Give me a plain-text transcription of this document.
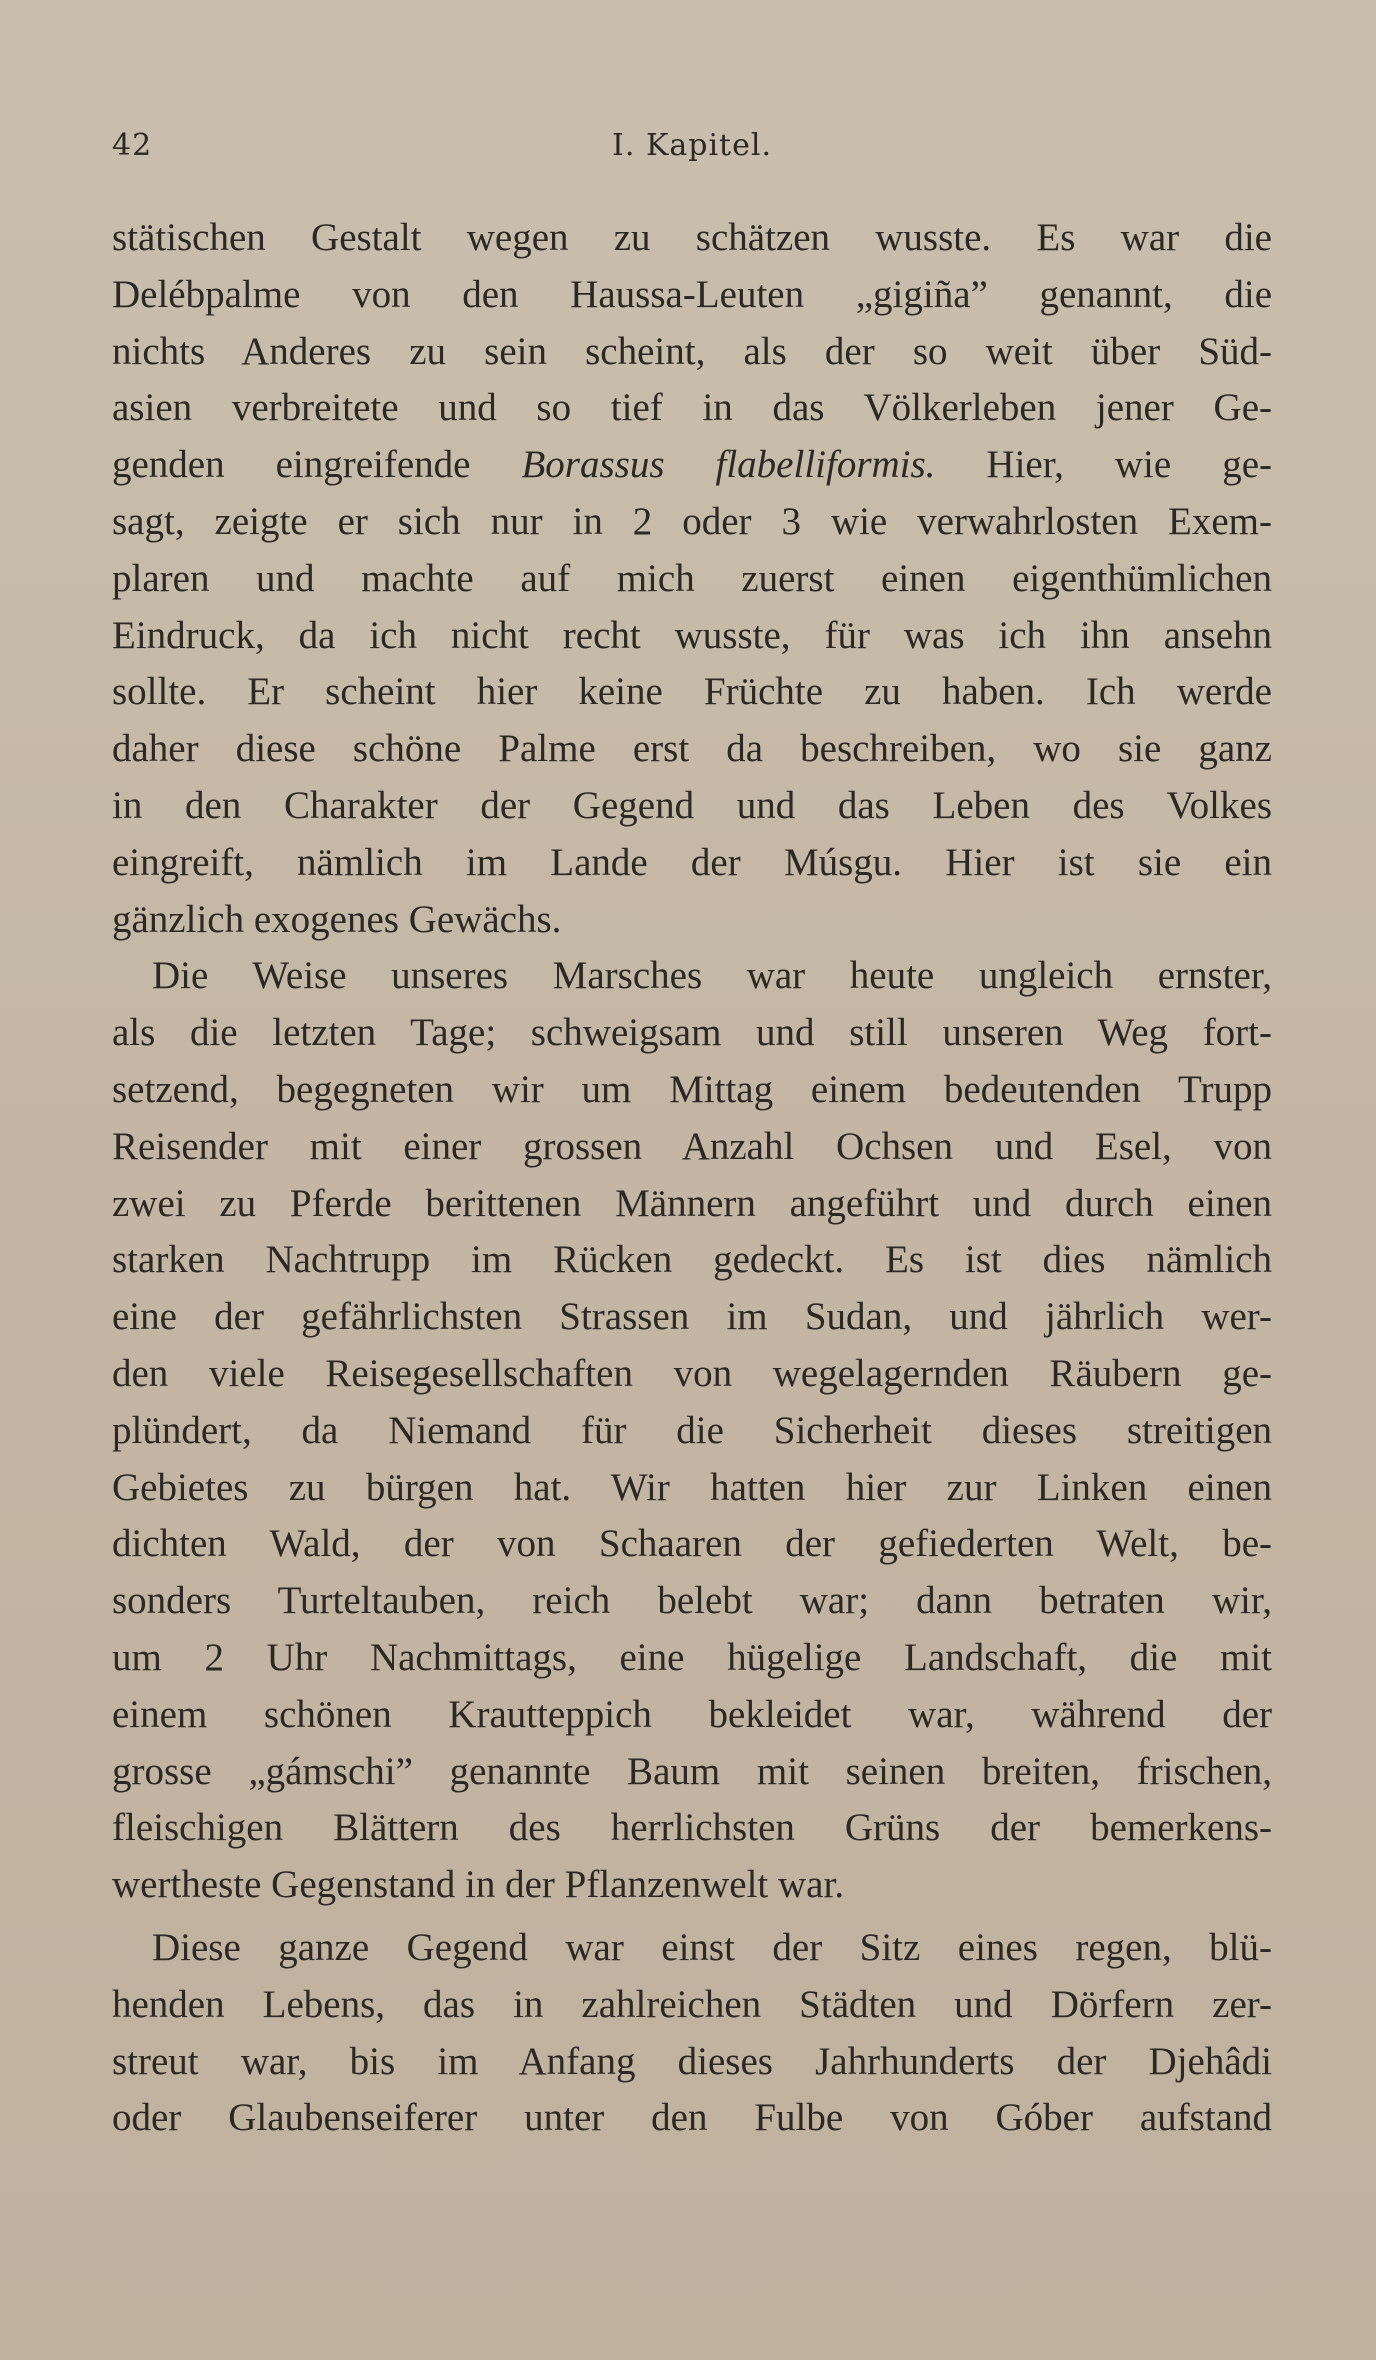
42	I. Kapitel.
stätischen Gestalt wegen zu schätzen wusste. Es war die
Delébpalme von den Haussa-Leuten „gigiña” genannt, die
nichts Anderes zu sein scheint, als der so weit über Süd-
asien verbreitete und so tief in das Völkerleben jener Ge-
genden eingreifende Borassus flabelliformis. Hier, wie ge-
sagt, zeigte er sich nur in 2 oder 3 wie verwahrlosten Exem-
plaren und machte auf mich zuerst einen eigenthümlichen
Eindruck, da ich nicht recht wusste, für was ich ihn ansehn
sollte. Er scheint hier keine Früchte zu haben. Ich werde
daher diese schöne Palme erst da beschreiben, wo sie ganz
in den Charakter der Gegend und das Leben des Volkes
eingreift, nämlich im Lande der Músgu. Hier ist sie ein
gänzlich exogenes Gewächs.
Die Weise unseres Marsches war heute ungleich ernster,
als die letzten Tage; schweigsam und still unseren Weg fort-
setzend, begegneten wir um Mittag einem bedeutenden Trupp
Reisender mit einer grossen Anzahl Ochsen und Esel, von
zwei zu Pferde berittenen Männern angeführt und durch einen
starken Nachtrupp im Rücken gedeckt. Es ist dies nämlich
eine der gefährlichsten Strassen im Sudan, und jährlich wer-
den viele Reisegesellschaften von wegelagernden Räubern ge-
plündert, da Niemand für die Sicherheit dieses streitigen
Gebietes zu bürgen hat. Wir hatten hier zur Linken einen
dichten Wald, der von Schaaren der gefiederten Welt, be-
sonders Turteltauben, reich belebt war; dann betraten wir,
um 2 Uhr Nachmittags, eine hügelige Landschaft, die mit
einem schönen Krautteppich bekleidet war, während der
grosse „gámschi” genannte Baum mit seinen breiten, frischen,
fleischigen Blättern des herrlichsten Grüns der bemerkens-
wertheste Gegenstand in der Pflanzenwelt war.
Diese ganze Gegend war einst der Sitz eines regen, blü-
henden Lebens, das in zahlreichen Städten und Dörfern zer-
streut war, bis im Anfang dieses Jahrhunderts der Djehâdi
oder Glaubenseiferer unter den Fulbe von Góber aufstand
